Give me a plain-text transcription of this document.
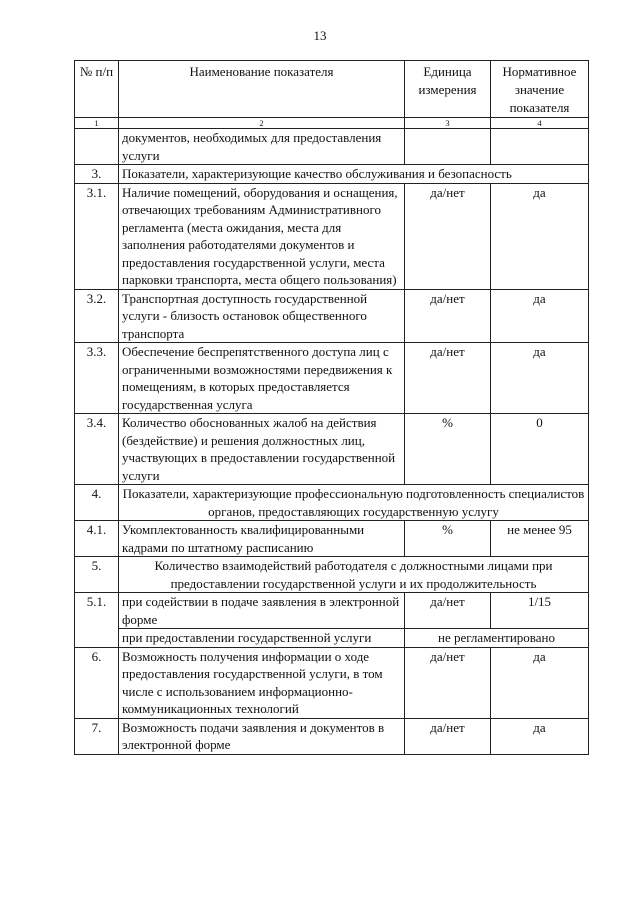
13
№ п/п	Наименование показателя	Единица измерения	Нормативное значение показателя
1	2	3	4
	документов, необходимых для предоставления услуги		
3.	Показатели, характеризующие качество обслуживания и безопасность		
3.1.	Наличие помещений, оборудования и оснащения, отвечающих требованиям Административного регламента (места ожидания, места для заполнения работодателями документов и предоставления государственной услуги, места парковки транспорта, места общего пользования)	да/нет	да
3.2.	Транспортная доступность государственной услуги - близость остановок общественного транспорта	да/нет	да
3.3.	Обеспечение беспрепятственного доступа лиц с ограниченными возможностями передвижения к помещениям, в которых предоставляется государственная услуга	да/нет	да
3.4.	Количество обоснованных жалоб на действия (бездействие) и решения должностных лиц, участвующих в предоставлении государственной услуги	%	0
4.	Показатели, характеризующие профессиональную подготовленность специалистов органов, предоставляющих государственную услугу		
4.1.	Укомплектованность квалифицированными кадрами по штатному расписанию	%	не менее 95
5.	Количество взаимодействий работодателя с должностными лицами при предоставлении государственной услуги и их продолжительность		
5.1.	при содействии в подаче заявления в электронной форме	да/нет	1/15
	при предоставлении государственной услуги	не регламентировано	
6.	Возможность получения информации о ходе предоставления государственной услуги, в том числе с использованием информационно-коммуникационных технологий	да/нет	да
7.	Возможность подачи заявления и документов в электронной форме	да/нет	да
